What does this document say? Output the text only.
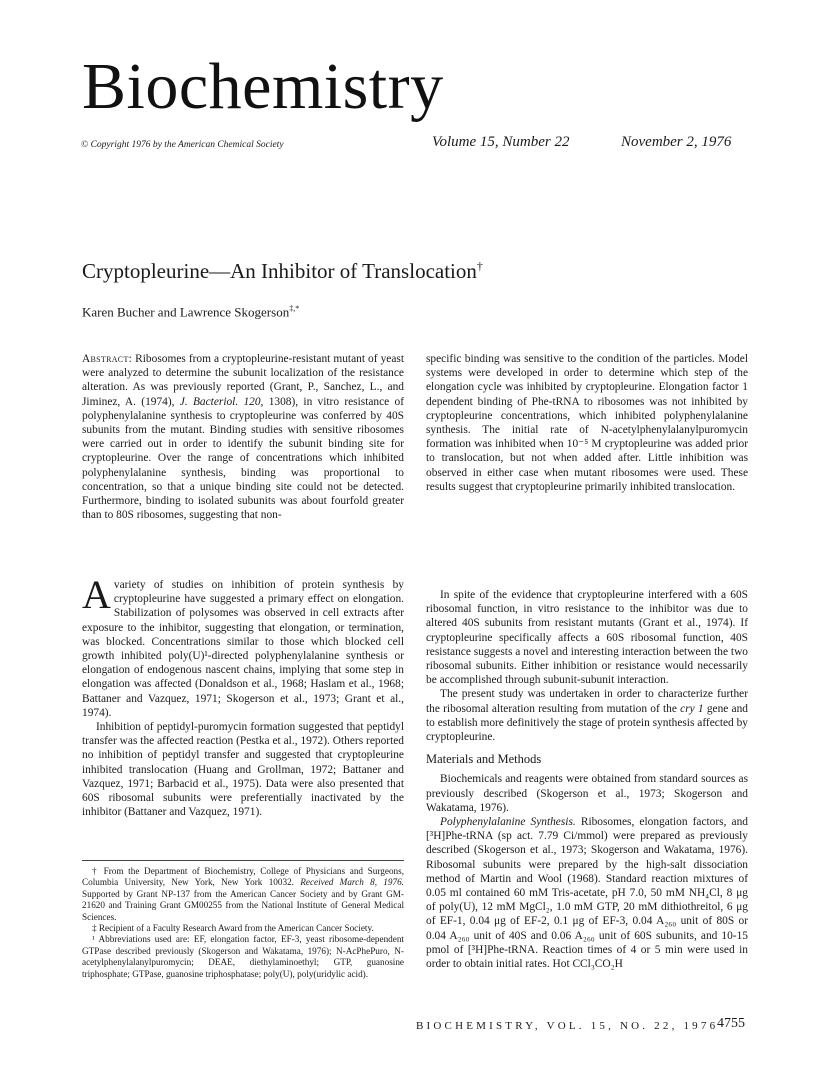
Biochemistry
© Copyright 1976 by the American Chemical Society	Volume 15, Number 22	November 2, 1976
Cryptopleurine—An Inhibitor of Translocation†
Karen Bucher and Lawrence Skogerson‡,*
Abstract: Ribosomes from a cryptopleurine-resistant mutant of yeast were analyzed to determine the subunit localization of the resistance alteration. As was previously reported (Grant, P., Sanchez, L., and Jiminez, A. (1974), J. Bacteriol. 120, 1308), in vitro resistance of polyphenylalanine synthesis to cryptopleurine was conferred by 40S subunits from the mutant. Binding studies with sensitive ribosomes were carried out in order to identify the subunit binding site for cryptopleurine. Over the range of concentrations which inhibited polyphenylalanine synthesis, binding was proportional to concentration, so that a unique binding site could not be detected. Furthermore, binding to isolated subunits was about fourfold greater than to 80S ribosomes, suggesting that non-
specific binding was sensitive to the condition of the particles. Model systems were developed in order to determine which step of the elongation cycle was inhibited by cryptopleurine. Elongation factor 1 dependent binding of Phe-tRNA to ribosomes was not inhibited by cryptopleurine concentrations, which inhibited polyphenylalanine synthesis. The initial rate of N-acetylphenylalanylpuromycin formation was inhibited when 10⁻⁵ M cryptopleurine was added prior to translocation, but not when added after. Little inhibition was observed in either case when mutant ribosomes were used. These results suggest that cryptopleurine primarily inhibited translocation.

A variety of studies on inhibition of protein synthesis by cryptopleurine have suggested a primary effect on elongation. Stabilization of polysomes was observed in cell extracts after exposure to the inhibitor, suggesting that elongation, or termination, was blocked. Concentrations similar to those which blocked cell growth inhibited poly(U)¹-directed polyphenylalanine synthesis or elongation of endogenous nascent chains, implying that some step in elongation was affected (Donaldson et al., 1968; Haslam et al., 1968; Battaner and Vazquez, 1971; Skogerson et al., 1973; Grant et al., 1974).

Inhibition of peptidyl-puromycin formation suggested that peptidyl transfer was the affected reaction (Pestka et al., 1972). Others reported no inhibition of peptidyl transfer and suggested that cryptopleurine inhibited translocation (Huang and Grollman, 1972; Battaner and Vazquez, 1971; Barbacid et al., 1975). Data were also presented that 60S ribosomal subunits were preferentially inactivated by the inhibitor (Battaner and Vazquez, 1971).

† From the Department of Biochemistry, College of Physicians and Surgeons, Columbia University, New York, New York 10032. Received March 8, 1976. Supported by Grant NP-137 from the American Cancer Society and by Grant GM-21620 and Training Grant GM00255 from the National Institute of General Medical Sciences.

‡ Recipient of a Faculty Research Award from the American Cancer Society.

¹ Abbreviations used are: EF, elongation factor, EF-3, yeast ribosome-dependent GTPase described previously (Skogerson and Wakatama, 1976); N-AcPhePuro, N-acetylphenylalanylpuromycin; DEAE, diethylaminoethyl; GTP, guanosine triphosphate; GTPase, guanosine triphosphatase; poly(U), poly(uridylic acid).

In spite of the evidence that cryptopleurine interfered with a 60S ribosomal function, in vitro resistance to the inhibitor was due to altered 40S subunits from resistant mutants (Grant et al., 1974). If cryptopleurine specifically affects a 60S ribosomal function, 40S resistance suggests a novel and interesting interaction between the two ribosomal subunits. Either inhibition or resistance would necessarily be accomplished through subunit-subunit interaction.

The present study was undertaken in order to characterize further the ribosomal alteration resulting from mutation of the cry 1 gene and to establish more definitively the stage of protein synthesis affected by cryptopleurine.

Materials and Methods

Biochemicals and reagents were obtained from standard sources as previously described (Skogerson et al., 1973; Skogerson and Wakatama, 1976).

Polyphenylalanine Synthesis. Ribosomes, elongation factors, and [³H]Phe-tRNA (sp act. 7.79 Ci/mmol) were prepared as previously described (Skogerson et al., 1973; Skogerson and Wakatama, 1976). Ribosomal subunits were prepared by the high-salt dissociation method of Martin and Wool (1968). Standard reaction mixtures of 0.05 ml contained 60 mM Tris-acetate, pH 7.0, 50 mM NH₄Cl, 8 μg of poly(U), 12 mM MgCl₂, 1.0 mM GTP, 20 mM dithiothreitol, 6 μg of EF-1, 0.04 μg of EF-2, 0.1 μg of EF-3, 0.04 A₂₆₀ unit of 80S or 0.04 A₂₆₀ unit of 40S and 0.06 A₂₆₀ unit of 60S subunits, and 10-15 pmol of [³H]Phe-tRNA. Reaction times of 4 or 5 min were used in order to obtain initial rates. Hot CCl₃CO₂H

BIOCHEMISTRY, VOL. 15, NO. 22, 1976
4755
